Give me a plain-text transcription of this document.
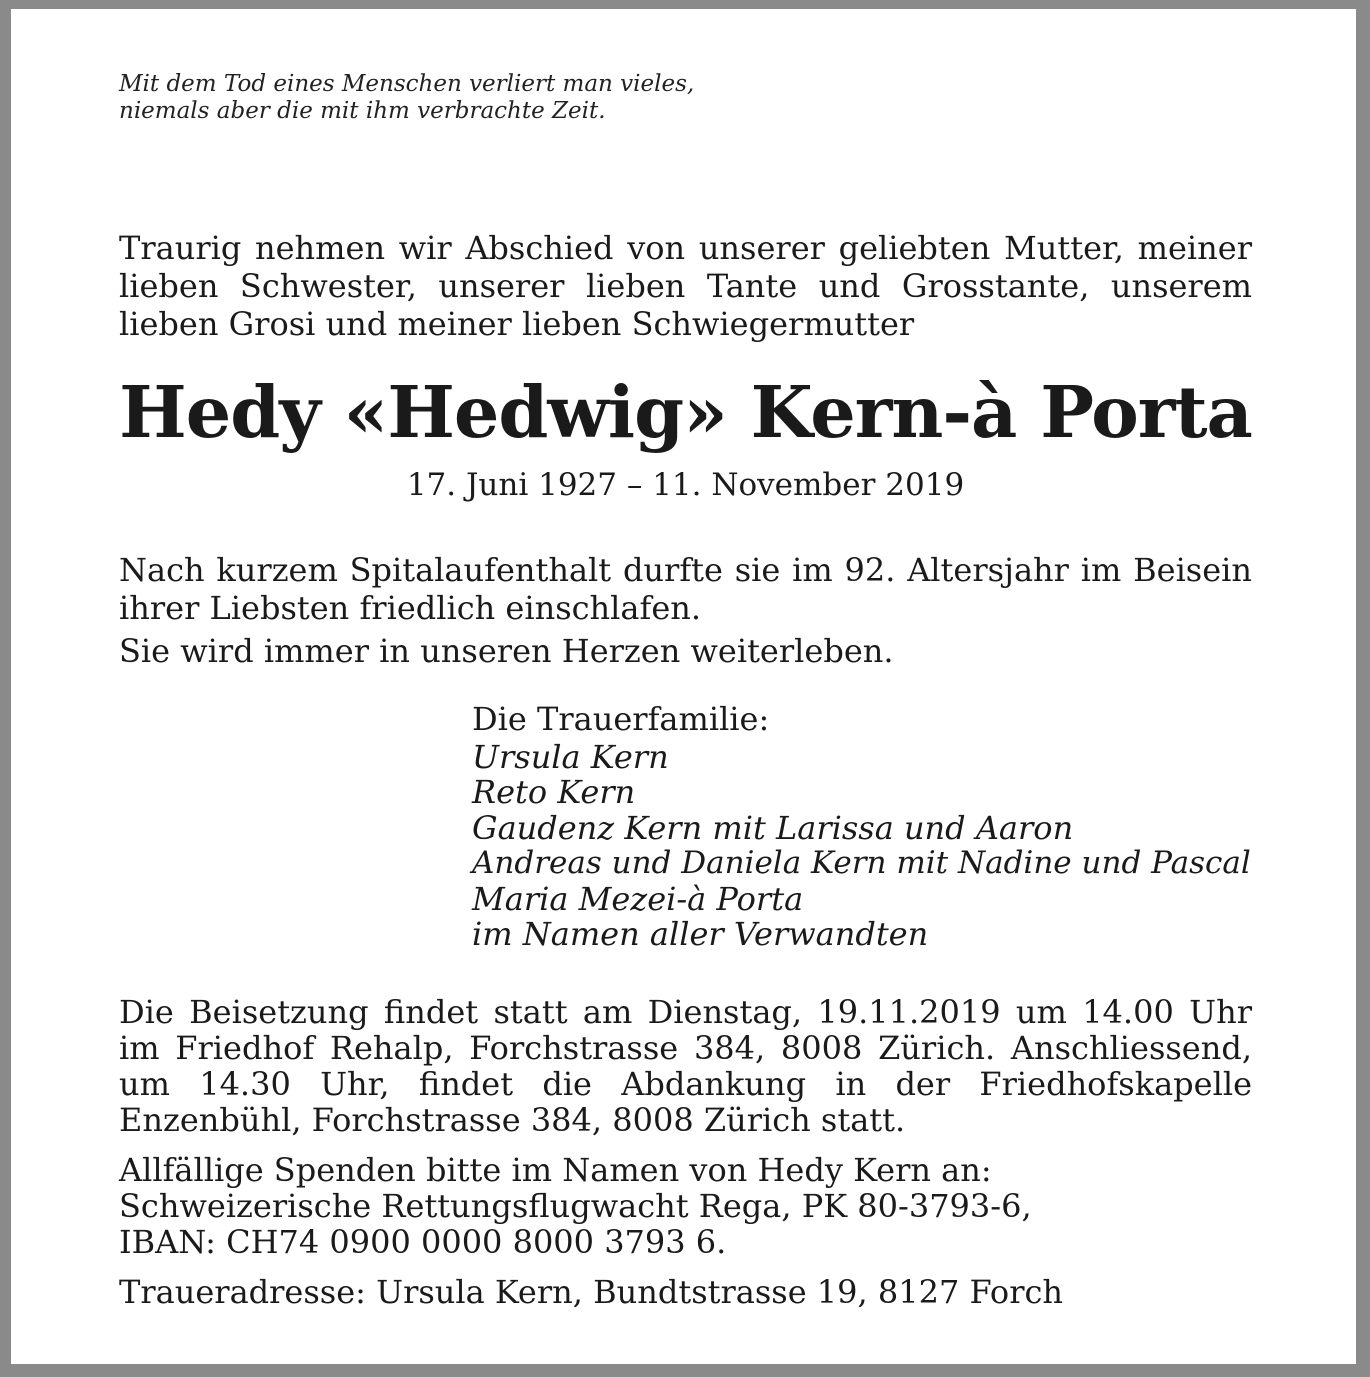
Mit dem Tod eines Menschen verliert man vieles,
niemals aber die mit ihm verbrachte Zeit.
Traurig nehmen wir Abschied von unserer geliebten Mutter, meiner lieben Schwester, unserer lieben Tante und Grosstante, unserem lieben Grosi und meiner lieben Schwiegermutter
Hedy «Hedwig» Kern-à Porta
17. Juni 1927 – 11. November 2019
Nach kurzem Spitalaufenthalt durfte sie im 92. Altersjahr im Beisein ihrer Liebsten friedlich einschlafen.
Sie wird immer in unseren Herzen weiterleben.
Die Trauerfamilie:
Ursula Kern
Reto Kern
Gaudenz Kern mit Larissa und Aaron
Andreas und Daniela Kern mit Nadine und Pascal
Maria Mezei-à Porta
im Namen aller Verwandten
Die Beisetzung findet statt am Dienstag, 19.11.2019 um 14.00 Uhr im Friedhof Rehalp, Forchstrasse 384, 8008 Zürich. Anschliessend, um 14.30 Uhr, findet die Abdankung in der Friedhofskapelle Enzenbühl, Forchstrasse 384, 8008 Zürich statt.
Allfällige Spenden bitte im Namen von Hedy Kern an:
Schweizerische Rettungsflugwacht Rega, PK 80-3793-6,
IBAN: CH74 0900 0000 8000 3793 6.
Traueradresse: Ursula Kern, Bundtstrasse 19, 8127 Forch
